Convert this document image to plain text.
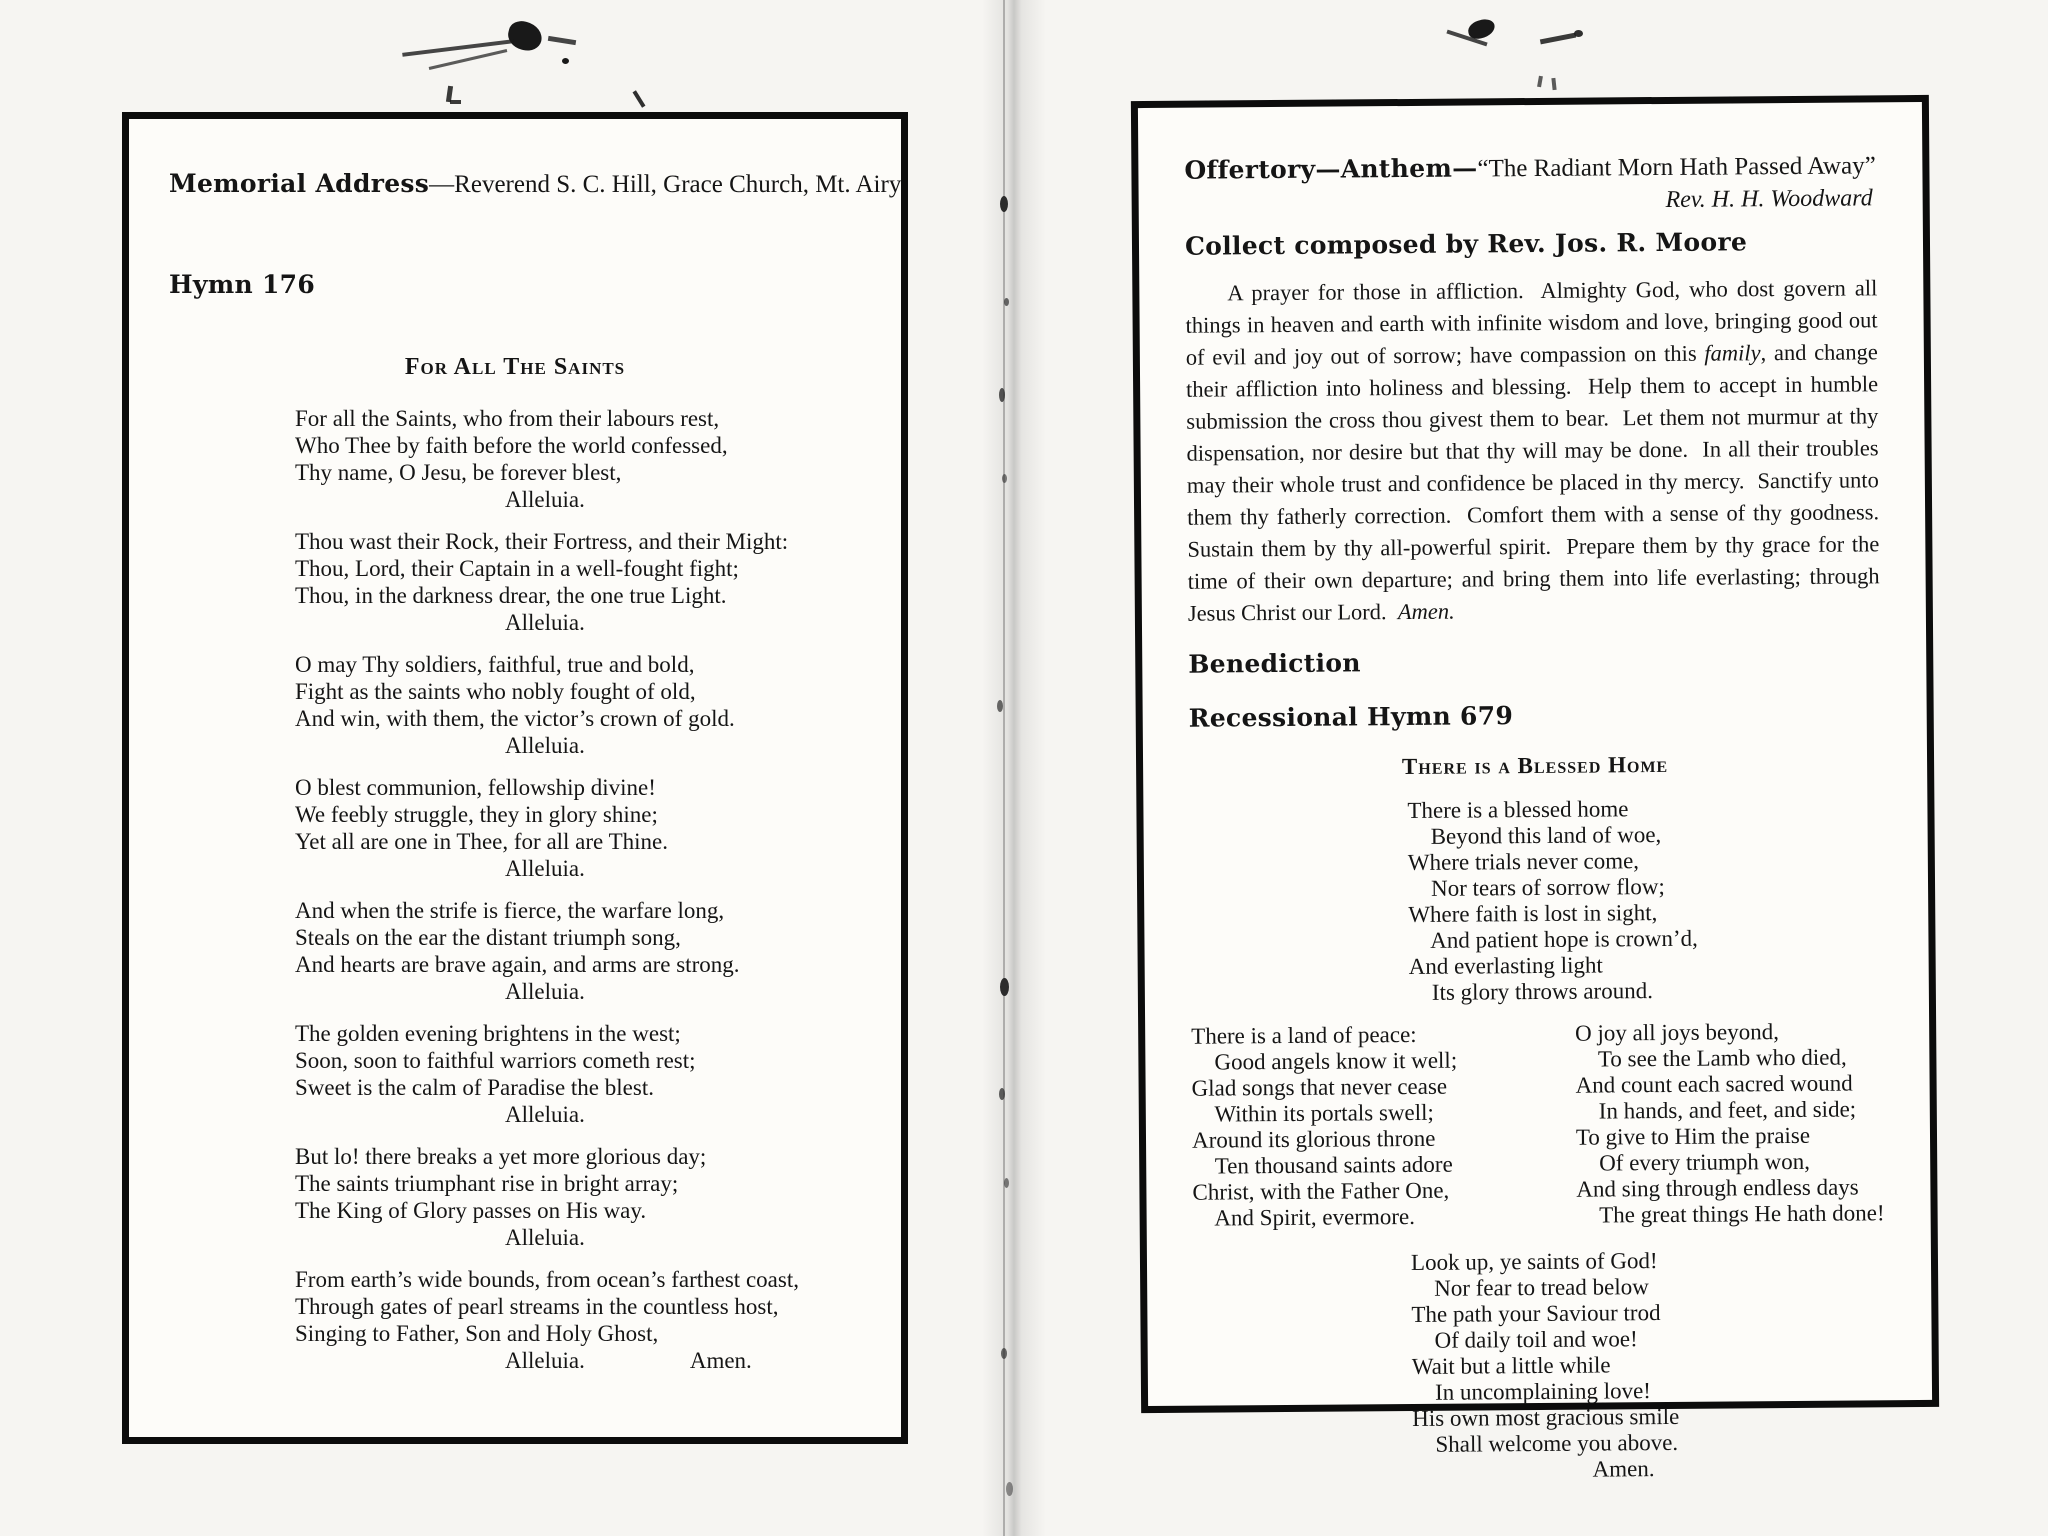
Memorial Address—Reverend S. C. Hill, Grace Church, Mt. Airy
Hymn 176
For All The Saints
For all the Saints, who from their labours rest,
Who Thee by faith before the world confessed,
Thy name, O Jesu, be forever blest,
Alleluia.
Thou wast their Rock, their Fortress, and their Might:
Thou, Lord, their Captain in a well-fought fight;
Thou, in the darkness drear, the one true Light.
Alleluia.
O may Thy soldiers, faithful, true and bold,
Fight as the saints who nobly fought of old,
And win, with them, the victor’s crown of gold.
Alleluia.
O blest communion, fellowship divine!
We feebly struggle, they in glory shine;
Yet all are one in Thee, for all are Thine.
Alleluia.
And when the strife is fierce, the warfare long,
Steals on the ear the distant triumph song,
And hearts are brave again, and arms are strong.
Alleluia.
The golden evening brightens in the west;
Soon, soon to faithful warriors cometh rest;
Sweet is the calm of Paradise the blest.
Alleluia.
But lo! there breaks a yet more glorious day;
The saints triumphant rise in bright array;
The King of Glory passes on His way.
Alleluia.
From earth’s wide bounds, from ocean’s farthest coast,
Through gates of pearl streams in the countless host,
Singing to Father, Son and Holy Ghost,
Alleluia.	Amen.
Offertory—Anthem—“The Radiant Morn Hath Passed Away”
Rev. H. H. Woodward
Collect composed by Rev. Jos. R. Moore
A prayer for those in affliction.  Almighty God, who dost govern all things in heaven and earth with infinite wisdom and love, bringing good out of evil and joy out of sorrow; have compassion on this family, and change their affliction into holiness and blessing.  Help them to accept in humble submission the cross thou givest them to bear.  Let them not murmur at thy dispensation, nor desire but that thy will may be done.  In all their troubles may their whole trust and confidence be placed in thy mercy.  Sanctify unto them thy fatherly correction.  Comfort them with a sense of thy goodness.  Sustain them by thy all-powerful spirit.  Prepare them by thy grace for the time of their own departure; and bring them into life everlasting; through Jesus Christ our Lord.  Amen.
Benediction
Recessional Hymn 679
There is a Blessed Home
There is a blessed home
Beyond this land of woe,
Where trials never come,
Nor tears of sorrow flow;
Where faith is lost in sight,
And patient hope is crown’d,
And everlasting light
Its glory throws around.
There is a land of peace:
Good angels know it well;
Glad songs that never cease
Within its portals swell;
Around its glorious throne
Ten thousand saints adore
Christ, with the Father One,
And Spirit, evermore.
O joy all joys beyond,
To see the Lamb who died,
And count each sacred wound
In hands, and feet, and side;
To give to Him the praise
Of every triumph won,
And sing through endless days
The great things He hath done!
Look up, ye saints of God!
Nor fear to tread below
The path your Saviour trod
Of daily toil and woe!
Wait but a little while
In uncomplaining love!
His own most gracious smile
Shall welcome you above.
Amen.
